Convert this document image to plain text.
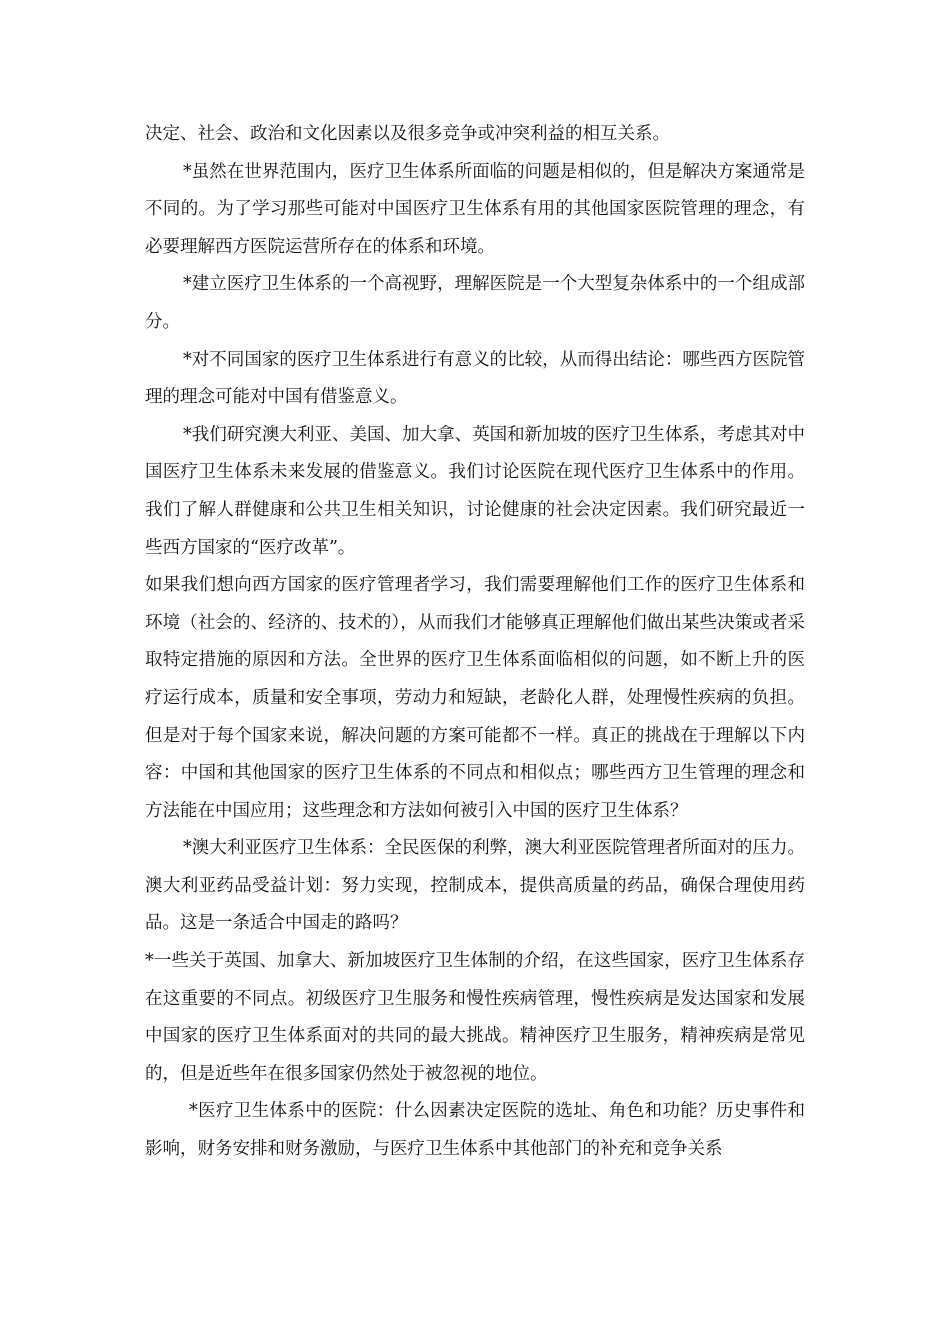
决定、社会、政治和文化因素以及很多竞争或冲突利益的相互关系。

*虽然在世界范围内，医疗卫生体系所面临的问题是相似的，但是解决方案通常是不同的。为了学习那些可能对中国医疗卫生体系有用的其他国家医院管理的理念，有必要理解西方医院运营所存在的体系和环境。

*建立医疗卫生体系的一个高视野，理解医院是一个大型复杂体系中的一个组成部分。

*对不同国家的医疗卫生体系进行有意义的比较，从而得出结论：哪些西方医院管理的理念可能对中国有借鉴意义。

*我们研究澳大利亚、美国、加大拿、英国和新加坡的医疗卫生体系，考虑其对中国医疗卫生体系未来发展的借鉴意义。我们讨论医院在现代医疗卫生体系中的作用。我们了解人群健康和公共卫生相关知识，讨论健康的社会决定因素。我们研究最近一些西方国家的“医疗改革”。

如果我们想向西方国家的医疗管理者学习，我们需要理解他们工作的医疗卫生体系和环境（社会的、经济的、技术的），从而我们才能够真正理解他们做出某些决策或者采取特定措施的原因和方法。全世界的医疗卫生体系面临相似的问题，如不断上升的医疗运行成本，质量和安全事项，劳动力和短缺，老龄化人群，处理慢性疾病的负担。但是对于每个国家来说，解决问题的方案可能都不一样。真正的挑战在于理解以下内容：中国和其他国家的医疗卫生体系的不同点和相似点；哪些西方卫生管理的理念和方法能在中国应用；这些理念和方法如何被引入中国的医疗卫生体系？

*澳大利亚医疗卫生体系：全民医保的利弊，澳大利亚医院管理者所面对的压力。澳大利亚药品受益计划：努力实现，控制成本，提供高质量的药品，确保合理使用药品。这是一条适合中国走的路吗？

*一些关于英国、加拿大、新加坡医疗卫生体制的介绍，在这些国家，医疗卫生体系存在这重要的不同点。初级医疗卫生服务和慢性疾病管理，慢性疾病是发达国家和发展中国家的医疗卫生体系面对的共同的最大挑战。精神医疗卫生服务，精神疾病是常见的，但是近些年在很多国家仍然处于被忽视的地位。

*医疗卫生体系中的医院：什么因素决定医院的选址、角色和功能？历史事件和影响，财务安排和财务激励，与医疗卫生体系中其他部门的补充和竞争关系
